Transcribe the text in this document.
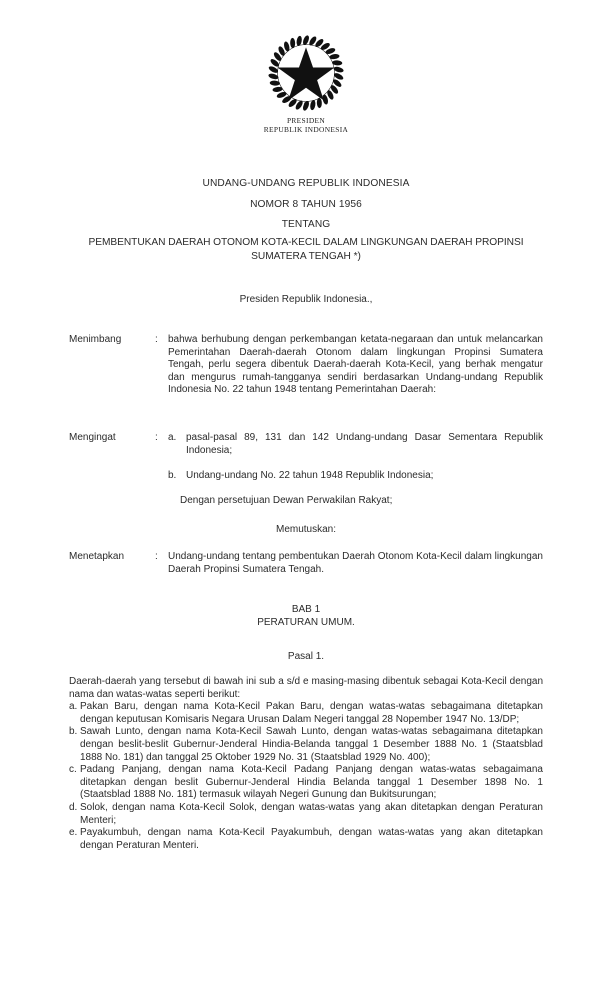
PRESIDEN
REPUBLIK INDONESIA
UNDANG-UNDANG REPUBLIK INDONESIA
NOMOR 8 TAHUN 1956
TENTANG
PEMBENTUKAN DAERAH OTONOM KOTA-KECIL DALAM LINGKUNGAN DAERAH PROPINSI
SUMATERA TENGAH *)
Presiden Republik Indonesia.,
Menimbang	:	bahwa berhubung dengan perkembangan ketata-negaraan dan untuk melancarkan Pemerintahan Daerah-daerah Otonom dalam lingkungan Propinsi Sumatera Tengah, perlu segera dibentuk Daerah-daerah Kota-Kecil, yang berhak mengatur dan mengurus rumah-tangganya sendiri berdasarkan Undang-undang Republik Indonesia No. 22 tahun 1948 tentang Pemerintahan Daerah:

Mengingat	:	a. pasal-pasal 89, 131 dan 142 Undang-undang Dasar Sementara Republik Indonesia;
b. Undang-undang No. 22 tahun 1948 Republik Indonesia;
Dengan persetujuan Dewan Perwakilan Rakyat;
Memutuskan:
Menetapkan	:	Undang-undang tentang pembentukan Daerah Otonom Kota-Kecil dalam lingkungan Daerah Propinsi Sumatera Tengah.

BAB 1
PERATURAN UMUM.
Pasal 1.

Daerah-daerah yang tersebut di bawah ini sub a s/d e masing-masing dibentuk sebagai Kota-Kecil dengan nama dan watas-watas seperti berikut:

a. Pakan Baru, dengan nama Kota-Kecil Pakan Baru, dengan watas-watas sebagaimana ditetapkan dengan keputusan Komisaris Negara Urusan Dalam Negeri tanggal 28 Nopember 1947 No. 13/DP;
b. Sawah Lunto, dengan nama Kota-Kecil Sawah Lunto, dengan watas-watas sebagaimana ditetapkan dengan beslit-beslit Gubernur-Jenderal Hindia-Belanda tanggal 1 Desember 1888 No. 1 (Staatsblad 1888 No. 181) dan tanggal 25 Oktober 1929 No. 31 (Staatsblad 1929 No. 400);
c. Padang Panjang, dengan nama Kota-Kecil Padang Panjang dengan watas-watas sebagaimana ditetapkan dengan beslit Gubernur-Jenderal Hindia Belanda tanggal 1 Desember 1898 No. 1 (Staatsblad 1888 No. 181) termasuk wilayah Negeri Gunung dan Bukitsurungan;
d. Solok, dengan nama Kota-Kecil Solok, dengan watas-watas yang akan ditetapkan dengan Peraturan Menteri;
e. Payakumbuh, dengan nama Kota-Kecil Payakumbuh, dengan watas-watas yang akan ditetapkan dengan Peraturan Menteri.
